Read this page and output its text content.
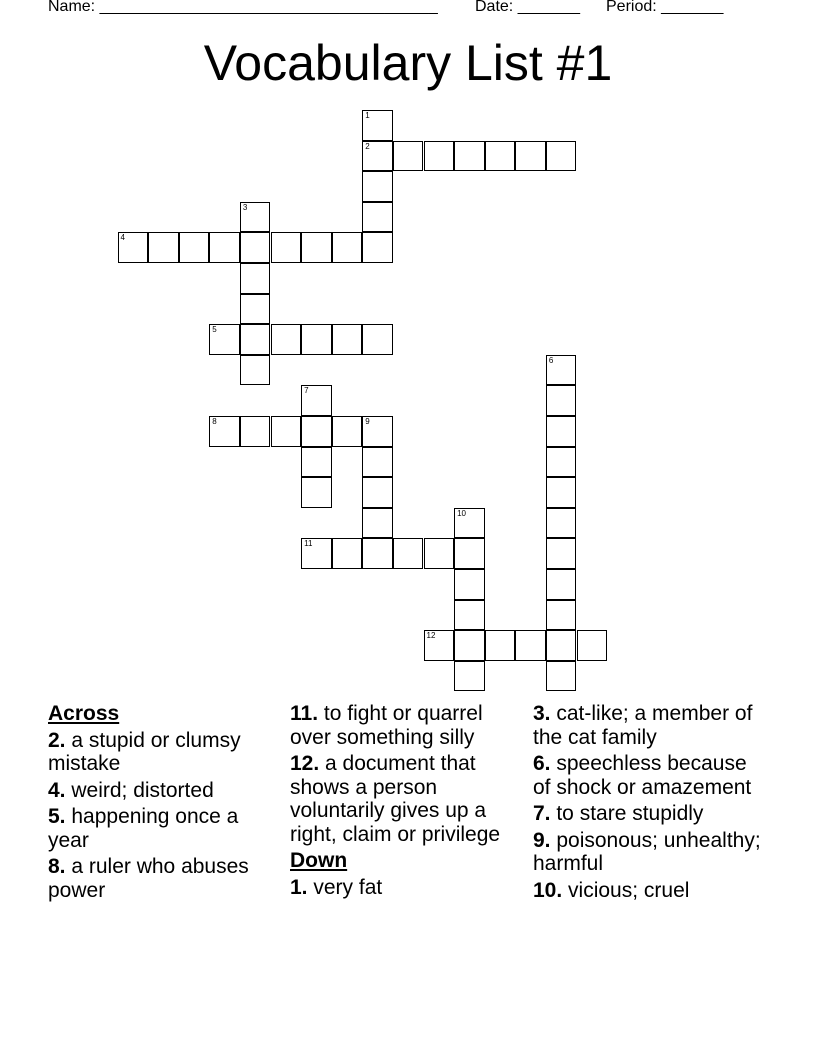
Name: ______________________________________ Date: _______ Period: _______
Vocabulary List #1
1
2
3
4
5
6
7
8	9
10
11
12
Across
2. a stupid or clumsy mistake
4. weird; distorted
5. happening once a year
8. a ruler who abuses power
11. to fight or quarrel over something silly
12. a document that shows a person voluntarily gives up a right, claim or privilege
Down
1. very fat
3. cat-like; a member of the cat family
6. speechless because of shock or amazement
7. to stare stupidly
9. poisonous; unhealthy; harmful
10. vicious; cruel
